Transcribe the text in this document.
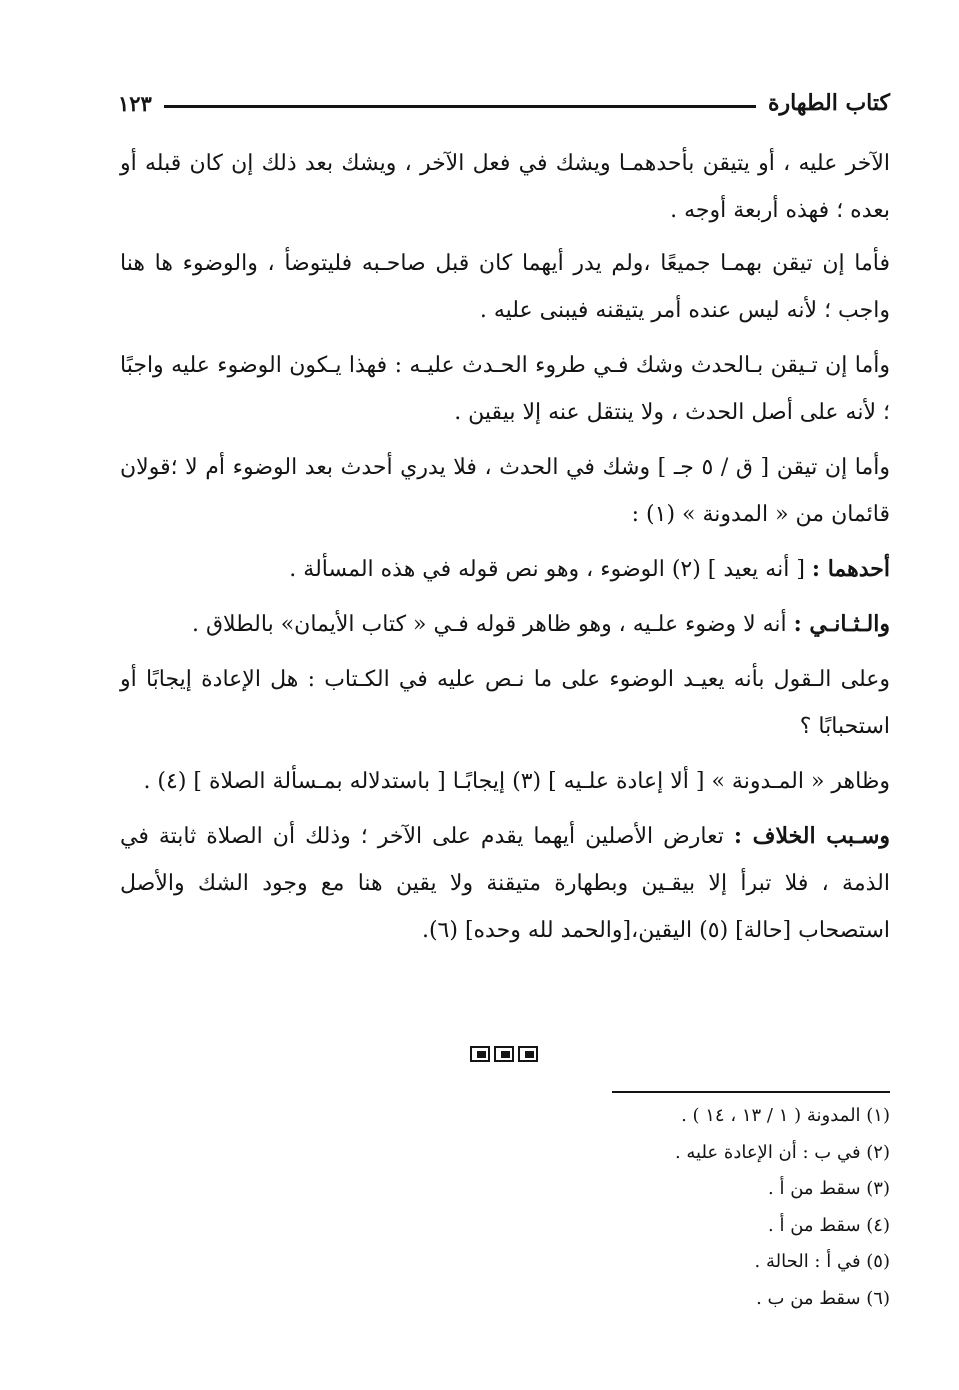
كتاب الطهارة
١٢٣

الآخر عليه ، أو يتيقن بأحدهمـا ويشك في فعل الآخر ، ويشك بعد ذلك إن كان قبله أو بعده ؛ فهذه أربعة أوجه .

فأما إن تيقن بهمـا جميعًا ،ولم يدر أيهما كان قبل صاحـبه فليتوضأ ، والوضوء ها هنا واجب ؛ لأنه ليس عنده أمر يتيقنه فيبنى عليه .

وأما إن تـيقن بـالحدث وشك فـي طروء الحـدث عليـه : فهذا يـكون الوضوء عليه واجبًا ؛ لأنه على أصل الحدث ، ولا ينتقل عنه إلا بيقين .

وأما إن تيقن [ ق / ٥ جـ ] وشك في الحدث ، فلا يدري أحدث بعد الوضوء أم لا ؛قولان قائمان من « المدونة » (١) :

أحدهما : [ أنه يعيد ] (٢) الوضوء ، وهو نص قوله في هذه المسألة .

والـثـانـي : أنه لا وضوء علـيه ، وهو ظاهر قوله فـي « كتاب الأيمان» بالطلاق .

وعلى الـقول بأنه يعيـد الوضوء على ما نـص عليه في الكـتاب : هل الإعادة إيجابًا أو استحبابًا ؟

وظاهر « المـدونة » [ ألا إعادة علـيه ] (٣) إيجابًـا [ باستدلاله بمـسألة الصلاة ] (٤) .

وسـبب الخلاف : تعارض الأصلين أيهما يقدم على الآخر ؛ وذلك أن الصلاة ثابتة في الذمة ، فلا تبرأ إلا بيقـين وبطهارة متيقنة ولا يقين هنا مع وجود الشك والأصل استصحاب [حالة] (٥) اليقين،[والحمد لله وحده] (٦).

(١) المدونة ( ١ / ١٣ ، ١٤ ) .
(٢) في ب : أن الإعادة عليه .
(٣) سقط من أ .
(٤) سقط من أ .
(٥) في أ : الحالة .
(٦) سقط من ب .
